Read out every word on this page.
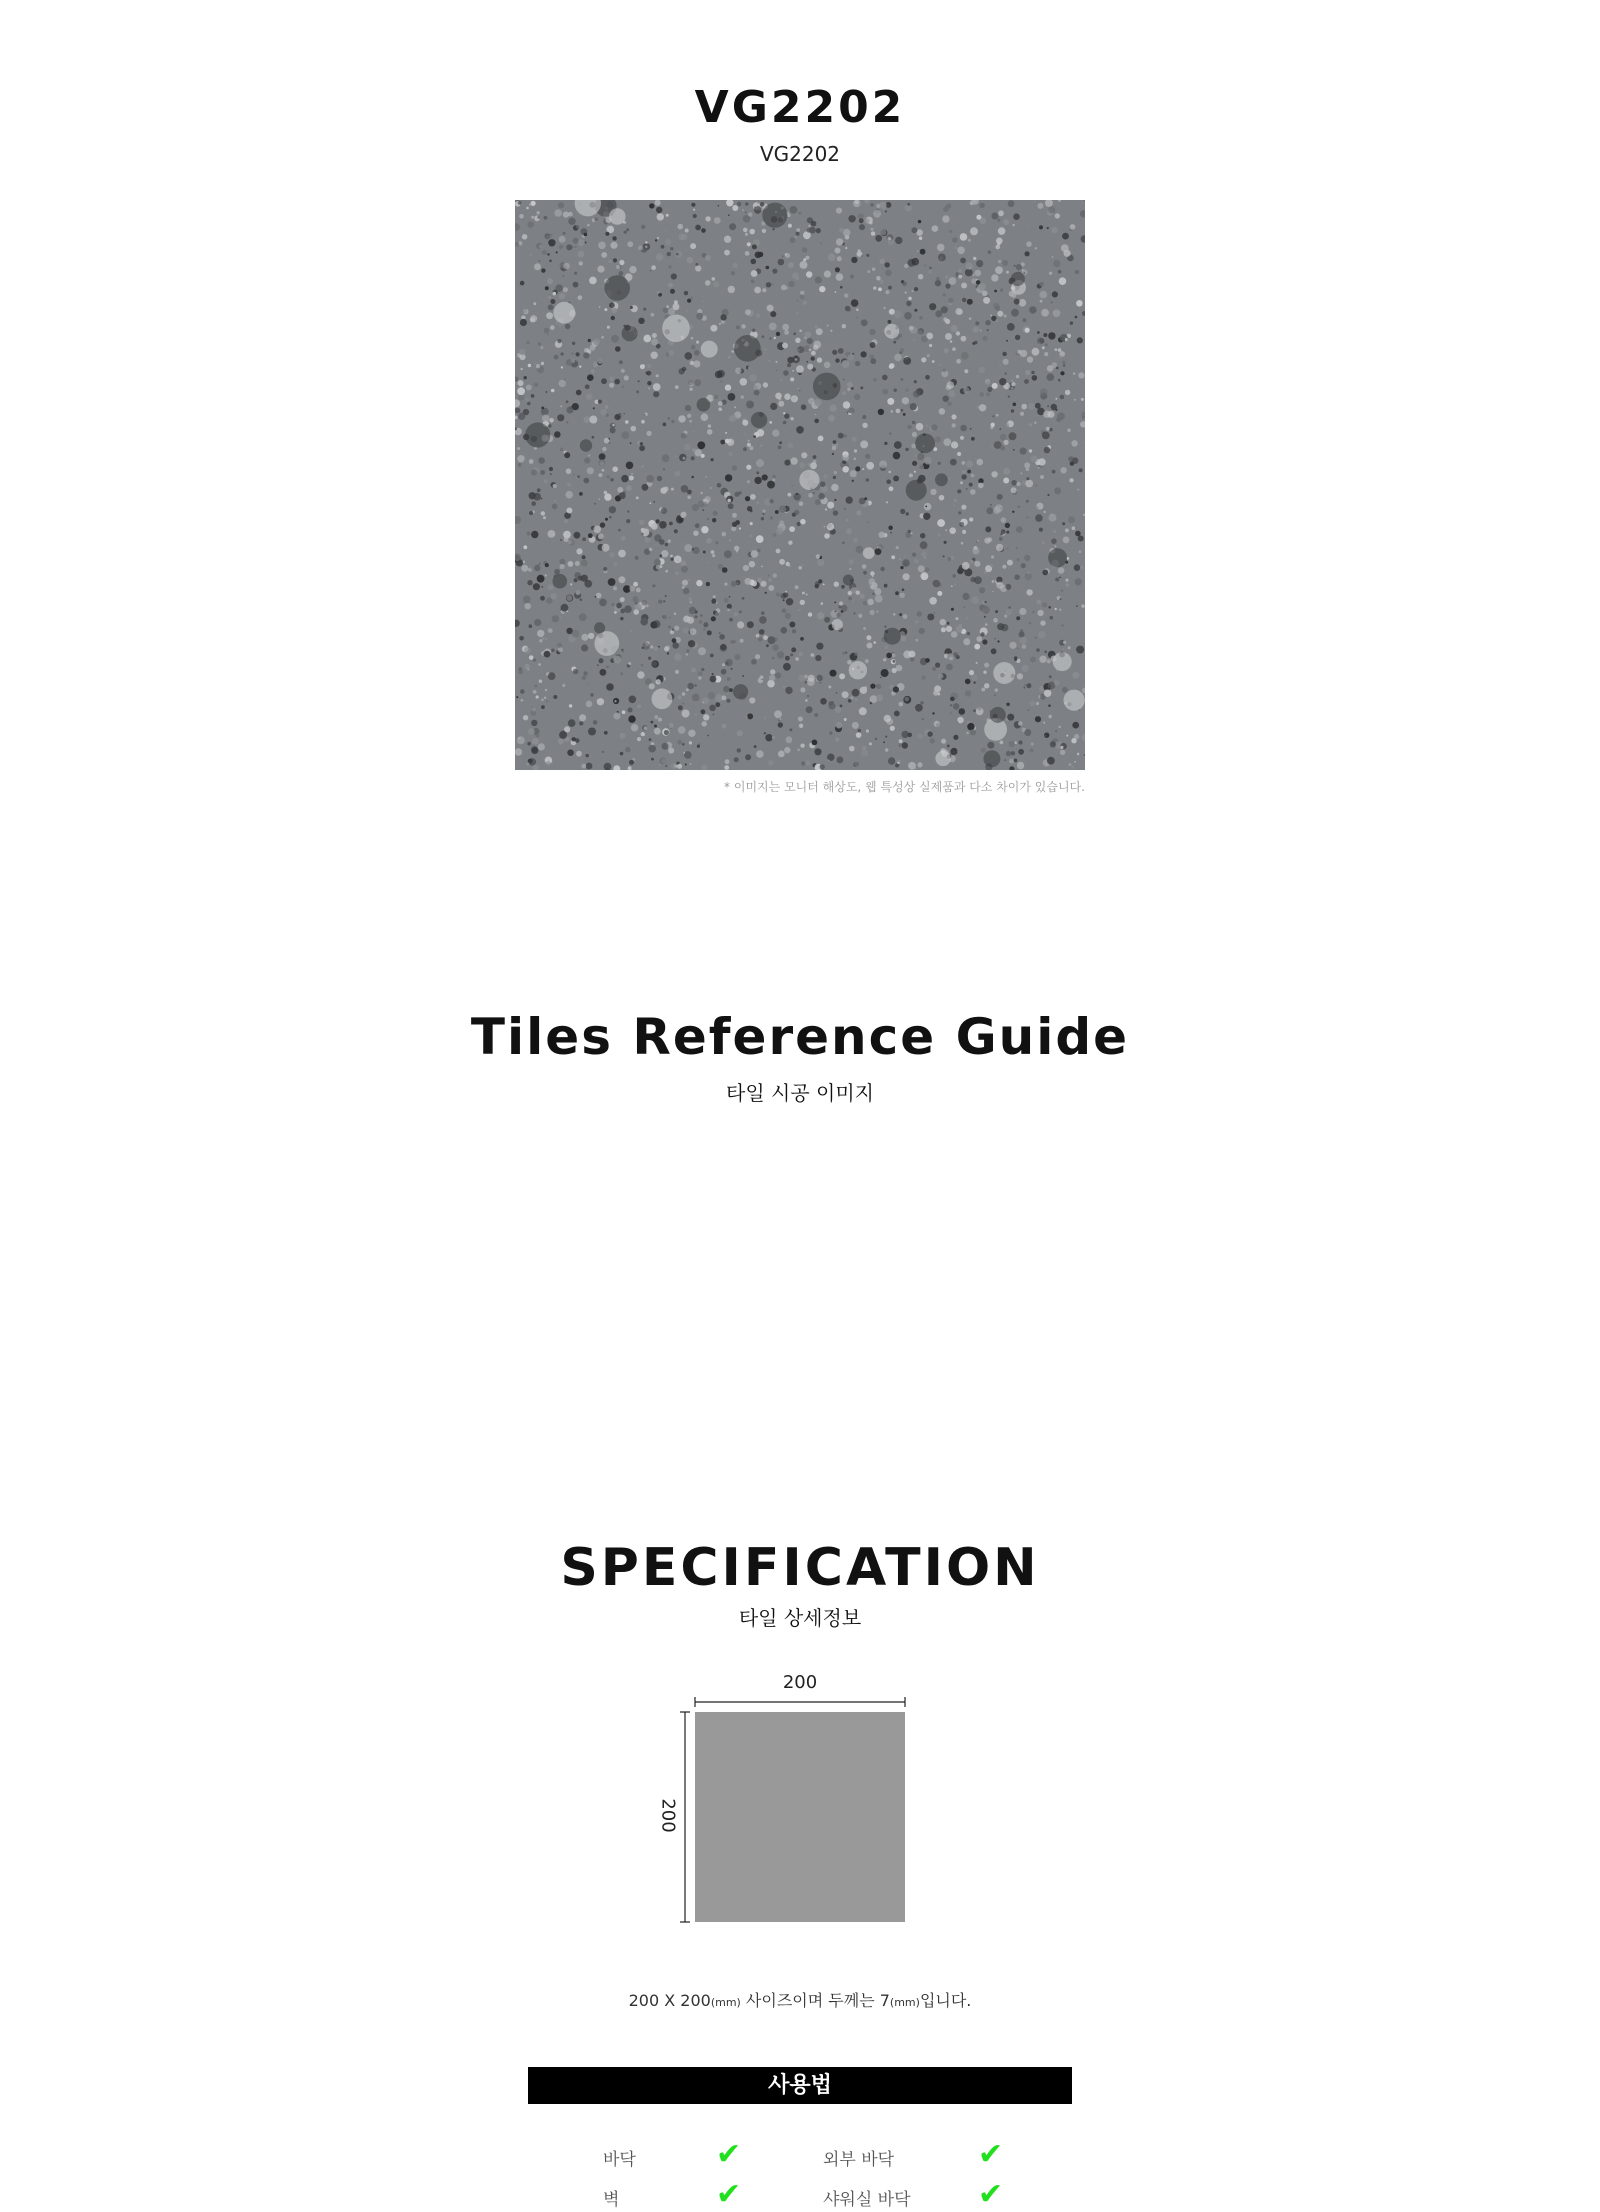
VG2202
VG2202
* 이미지는 모니터 해상도, 웹 특성상 실제품과 다소 차이가 있습니다.
Tiles Reference Guide
타일 시공 이미지
SPECIFICATION
타일 상세정보
200
200
200 X 200(mm) 사이즈이며 두께는 7(mm)입니다.
사용법
바닥	✔	외부 바닥	✔
벽	✔	샤워실 바닥 ✔
